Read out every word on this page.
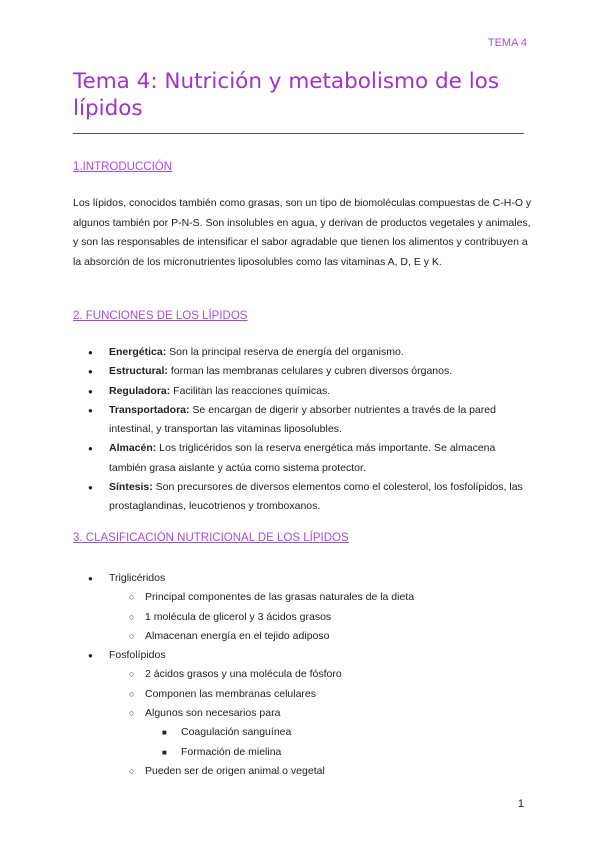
TEMA 4
Tema 4: Nutrición y metabolismo de los lípidos
1.INTRODUCCIÓN

Los lípidos, conocidos también como grasas, son un tipo de biomoléculas compuestas de C-H-O y algunos también por P-N-S. Son insolubles en agua, y derivan de productos vegetales y animales, y son las responsables de intensificar el sabor agradable que tienen los alimentos y contribuyen a la absorción de los micronutrientes liposolubles como las vitaminas A, D, E y K.

2. FUNCIONES DE LOS LÍPIDOS
● Energética: Son la principal reserva de energía del organismo.
● Estructural: forman las membranas celulares y cubren diversos órganos.
● Reguladora: Facilitan las reacciones químicas.
● Transportadora: Se encargan de digerir y absorber nutrientes a través de la pared intestinal, y transportan las vitaminas liposolubles.
● Almacén: Los triglicéridos son la reserva energética más importante. Se almacena también grasa aislante y actúa como sistema protector.
● Síntesis: Son precursores de diversos elementos como el colesterol, los fosfolípidos, las prostaglandinas, leucotrienos y tromboxanos.
3. CLASIFICACIÓN NUTRICIONAL DE LOS LÍPIDOS
● Triglicéridos
○ Principal componentes de las grasas naturales de la dieta
○ 1 molécula de glicerol y 3 ácidos grasos
○ Almacenan energía en el tejido adiposo
● Fosfolípidos
○ 2 ácidos grasos y una molécula de fósforo
○ Componen las membranas celulares
○ Algunos son necesarios para
■ Coagulación sanguínea
■ Formación de mielina
○ Pueden ser de origen animal o vegetal
1
